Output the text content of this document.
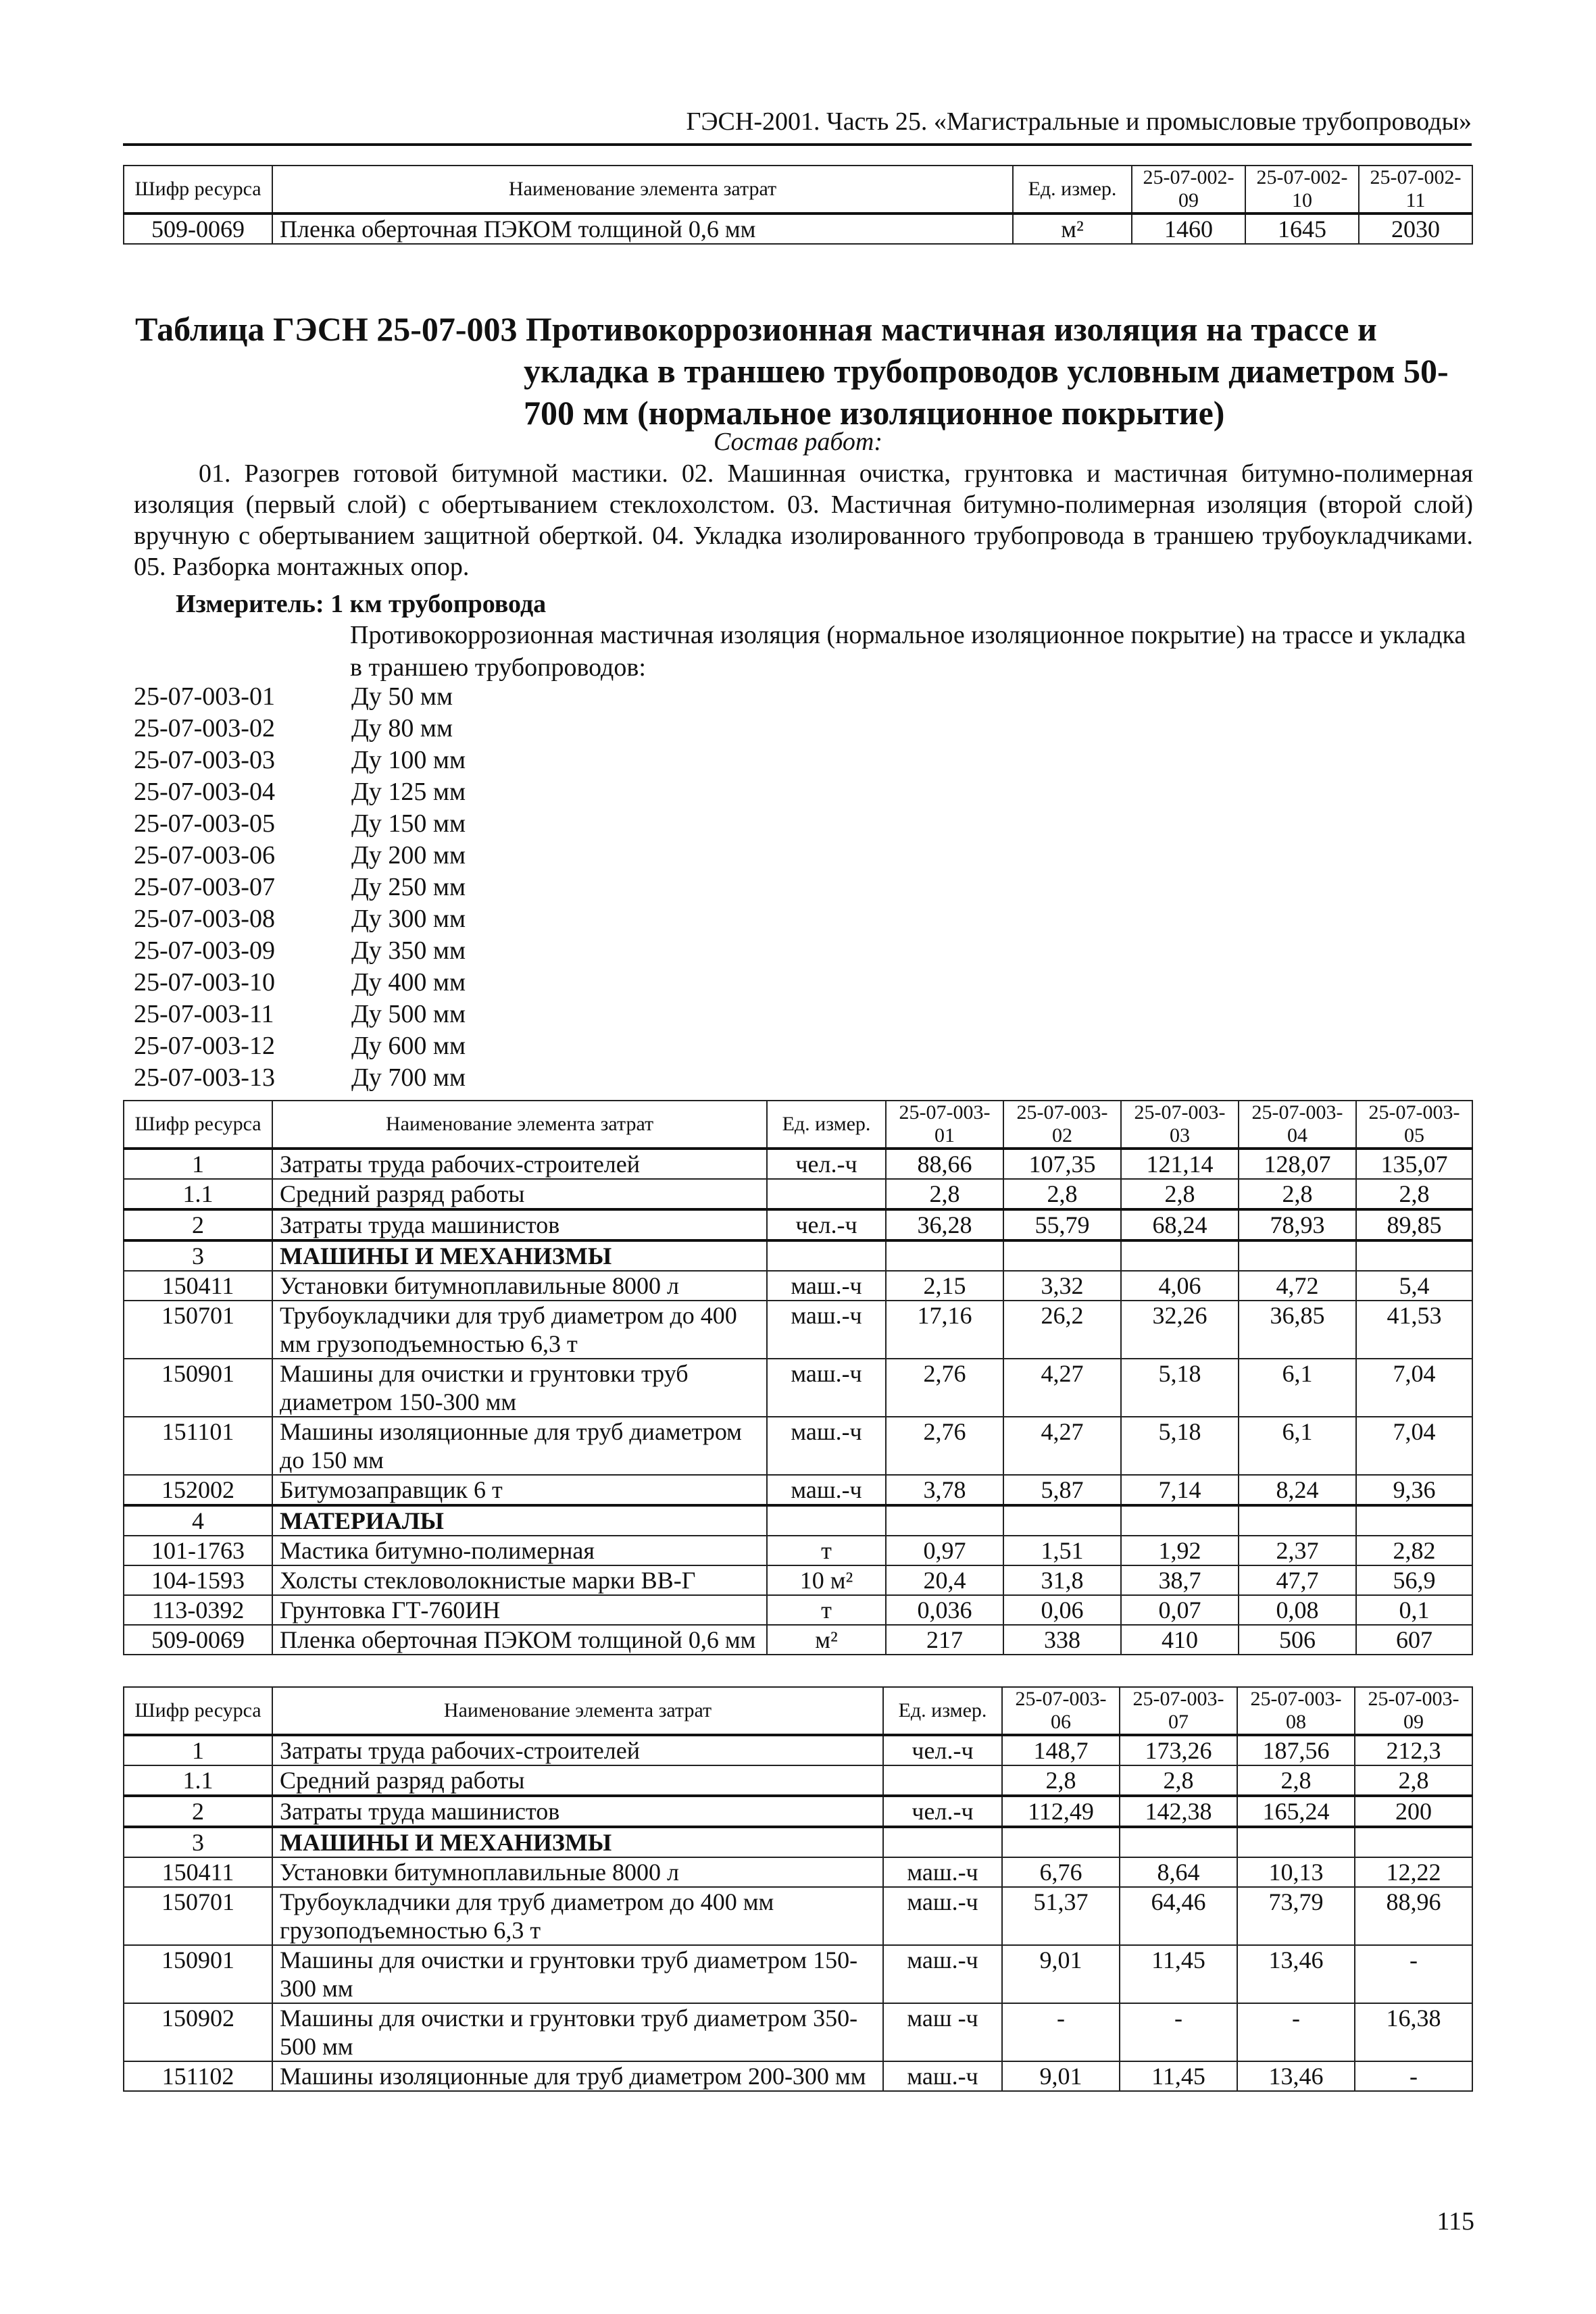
ГЭСН-2001. Часть 25. «Магистральные и промысловые трубопроводы»
Шифр ресурса	Наименование элемента затрат	Ед. измер.	25-07-002-09	25-07-002-10	25-07-002-11
509-0069	Пленка оберточная ПЭКОМ толщиной 0,6 мм	м²	1460	1645	2030
Таблица ГЭСН 25-07-003 Противокоррозионная мастичная изоляция на трассе и
укладка в траншею трубопроводов условным диаметром 50-
700 мм (нормальное изоляционное покрытие)
Состав работ:
01. Разогрев готовой битумной мастики. 02. Машинная очистка, грунтовка и мастичная битумно-полимерная изоляция (первый слой) с обертыванием стеклохолстом. 03. Мастичная битумно-полимерная изоляция (второй слой) вручную с обертыванием защитной оберткой. 04. Укладка изолированного трубопровода в траншею трубоукладчиками. 05. Разборка монтажных опор.
Измеритель: 1 км трубопровода
Противокоррозионная мастичная изоляция (нормальное изоляционное покрытие) на трассе и укладка в траншею трубопроводов:
25-07-003-01	Ду 50 мм
25-07-003-02	Ду 80 мм
25-07-003-03	Ду 100 мм
25-07-003-04	Ду 125 мм
25-07-003-05	Ду 150 мм
25-07-003-06	Ду 200 мм
25-07-003-07	Ду 250 мм
25-07-003-08	Ду 300 мм
25-07-003-09	Ду 350 мм
25-07-003-10	Ду 400 мм
25-07-003-11	Ду 500 мм
25-07-003-12	Ду 600 мм
25-07-003-13	Ду 700 мм
Шифр ресурса	Наименование элемента затрат	Ед. измер.	25-07-003-01	25-07-003-02	25-07-003-03	25-07-003-04	25-07-003-05
1	Затраты труда рабочих-строителей	чел.-ч	88,66	107,35	121,14	128,07	135,07
1.1	Средний разряд работы		2,8	2,8	2,8	2,8	2,8
2	Затраты труда машинистов	чел.-ч	36,28	55,79	68,24	78,93	89,85
3	МАШИНЫ И МЕХАНИЗМЫ						
150411	Установки битумноплавильные 8000 л	маш.-ч	2,15	3,32	4,06	4,72	5,4
150701	Трубоукладчики для труб диаметром до 400 мм грузоподъемностью 6,3 т	маш.-ч	17,16	26,2	32,26	36,85	41,53
150901	Машины для очистки и грунтовки труб диаметром 150-300 мм	маш.-ч	2,76	4,27	5,18	6,1	7,04
151101	Машины изоляционные для труб диаметром до 150 мм	маш.-ч	2,76	4,27	5,18	6,1	7,04
152002	Битумозаправщик 6 т	маш.-ч	3,78	5,87	7,14	8,24	9,36
4	МАТЕРИАЛЫ						
101-1763	Мастика битумно-полимерная	т	0,97	1,51	1,92	2,37	2,82
104-1593	Холсты стекловолокнистые марки ВВ-Г	10 м²	20,4	31,8	38,7	47,7	56,9
113-0392	Грунтовка ГТ-760ИН	т	0,036	0,06	0,07	0,08	0,1
509-0069	Пленка оберточная ПЭКОМ толщиной 0,6 мм	м²	217	338	410	506	607
Шифр ресурса	Наименование элемента затрат	Ед. измер.	25-07-003-06	25-07-003-07	25-07-003-08	25-07-003-09
1	Затраты труда рабочих-строителей	чел.-ч	148,7	173,26	187,56	212,3
1.1	Средний разряд работы		2,8	2,8	2,8	2,8
2	Затраты труда машинистов	чел.-ч	112,49	142,38	165,24	200
3	МАШИНЫ И МЕХАНИЗМЫ					
150411	Установки битумноплавильные 8000 л	маш.-ч	6,76	8,64	10,13	12,22
150701	Трубоукладчики для труб диаметром до 400 мм грузоподъемностью 6,3 т	маш.-ч	51,37	64,46	73,79	88,96
150901	Машины для очистки и грунтовки труб диаметром 150-300 мм	маш.-ч	9,01	11,45	13,46	-
150902	Машины для очистки и грунтовки труб диаметром 350-500 мм	маш -ч	-	-	-	16,38
151102	Машины изоляционные для труб диаметром 200-300 мм	маш.-ч	9,01	11,45	13,46	-
115
